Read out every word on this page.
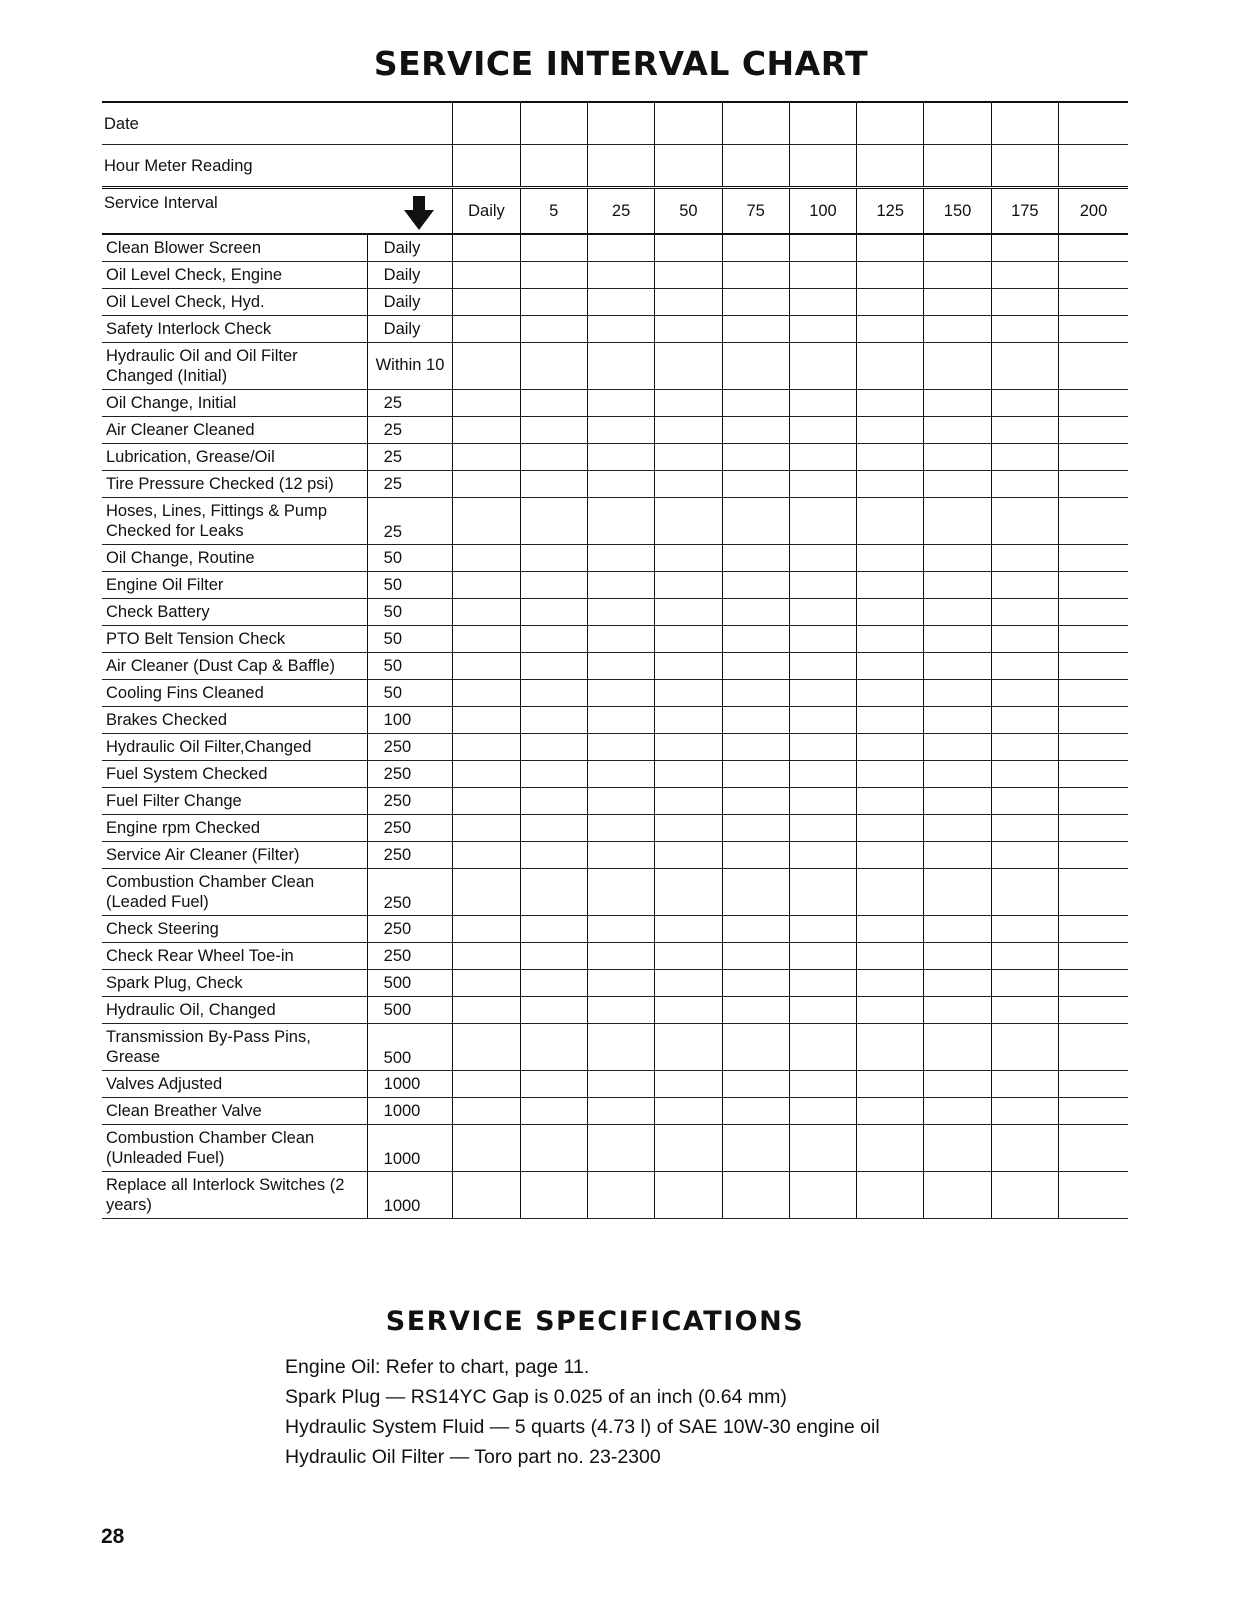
SERVICE INTERVAL CHART
Date											
Hour Meter Reading											
Service Interval		Daily	5	25	50	75	100	125	150	175	200
Clean Blower Screen	Daily										
Oil Level Check, Engine	Daily										
Oil Level Check, Hyd.	Daily										
Safety Interlock Check	Daily										
Hydraulic Oil and Oil Filter Changed (Initial)	Within 10										
Oil Change, Initial	25										
Air Cleaner Cleaned	25										
Lubrication, Grease/Oil	25										
Tire Pressure Checked (12 psi)	25										
Hoses, Lines, Fittings & Pump Checked for Leaks	25										
Oil Change, Routine	50										
Engine Oil Filter	50										
Check Battery	50										
PTO Belt Tension Check	50										
Air Cleaner (Dust Cap & Baffle)	50										
Cooling Fins Cleaned	50										
Brakes Checked	100										
Hydraulic Oil Filter,Changed	250										
Fuel System Checked	250										
Fuel Filter Change	250										
Engine rpm Checked	250										
Service Air Cleaner (Filter)	250										
Combustion Chamber Clean (Leaded Fuel)	250										
Check Steering	250										
Check Rear Wheel Toe-in	250										
Spark Plug, Check	500										
Hydraulic Oil, Changed	500										
Transmission By-Pass Pins, Grease	500										
Valves Adjusted	1000										
Clean Breather Valve	1000										
Combustion Chamber Clean (Unleaded Fuel)	1000										
Replace all Interlock Switches (2 years)	1000										
SERVICE SPECIFICATIONS
Engine Oil: Refer to chart, page 11.
Spark Plug — RS14YC Gap is 0.025 of an inch (0.64 mm)
Hydraulic System Fluid — 5 quarts (4.73 l) of SAE 10W-30 engine oil
Hydraulic Oil Filter — Toro part no. 23-2300
28
